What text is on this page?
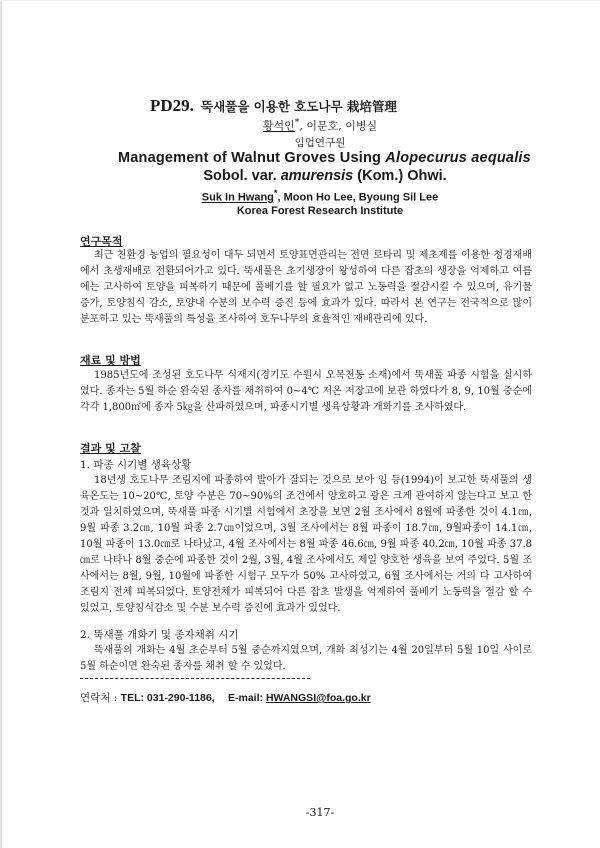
PD29. 뚝새풀을 이용한 호도나무 栽培管理
황석인*, 이문호, 이병실
임업연구원
Management of Walnut Groves Using Alopecurus aequalis
Sobol. var. amurensis (Kom.) Ohwi.
Suk In Hwang*, Moon Ho Lee, Byoung Sil Lee
Korea Forest Research Institute
연구목적
최근 친환경 농업의 필요성이 대두 되면서 토양표면관리는 전면 로타리 및 제초제를 이용한 청경재배에서 초생재배로 전환되어가고 있다. 뚝새풀은 초기생장이 왕성하여 다른 잡초의 생장을 억제하고 여름에는 고사하여 토양을 피복하기 때문에 풀베기를 할 필요가 없고 노동력을 절감시킬 수 있으며, 유기물 증가, 토양침식 감소, 토양내 수분의 보수력 증진 등에 효과가 있다. 따라서 본 연구는 전국적으로 많이 분포하고 있는 뚝새풀의 특성을 조사하여 호두나무의 효율적인 재배관리에 있다.
재료 및 방법
1985년도에 조성된 호도나무 식재지(경기도 수원시 오목천동 소재)에서 뚝새풀 파종 시험을 실시하였다. 종자는 5월 하순 완숙된 종자를 채취하여 0~4℃ 저온 저장고에 보관 하였다가 8, 9, 10월 중순에 각각 1,800㎡에 종자 5㎏을 산파하였으며, 파종시기별 생육상황과 개화기를 조사하였다.
결과 및 고찰
1. 파종 시기별 생육상황
18년생 호도나무 조림지에 파종하여 발아가 잘되는 것으로 보아 임 등(1994)이 보고한 뚝새풀의 생육온도는 10~20℃, 토양 수분은 70~90%의 조건에서 양호하고 광은 크게 관여하지 않는다고 보고 한 것과 일치하였으며, 뚝새풀 파종 시기별 시험에서 초장을 보면 2월 조사에서 8월에 파종한 것이 4.1㎝, 9월 파종 3.2㎝, 10월 파종 2.7㎝이었으며, 3월 조사에서는 8월 파종이 18.7㎝, 9월파종이 14.1㎝, 10월 파종이 13.0㎝로 나타났고, 4월 조사에서는 8월 파종 46.6㎝, 9월 파종 40.2㎝, 10월 파종 37.8㎝로 나타나 8월 중순에 파종한 것이 2월, 3월, 4월 조사에서도 제일 양호한 생육을 보여 주었다. 5월 조사에서는 8월, 9월, 10월에 파종한 시험구 모두가 50% 고사하였고, 6월 조사에서는 거의 다 고사하여 조림지 전체 피복되었다. 토양전체가 피복되어 다른 잡초 발생을 억제하여 풀베기 노동력을 절감 할 수 있었고, 토양침식감소 및 수분 보수력 증진에 효과가 있었다.
2. 뚝새풀 개화기 및 종자채취 시기
뚝새풀의 개화는 4월 초순부터 5월 중순까지였으며, 개화 최성기는 4월 20일부터 5월 10일 사이로 5월 하순이면 완숙된 종자를 채취 할 수 있었다.
연락처 : TEL: 031-290-1186, E-mail: HWANGSI@foa.go.kr
-317-
